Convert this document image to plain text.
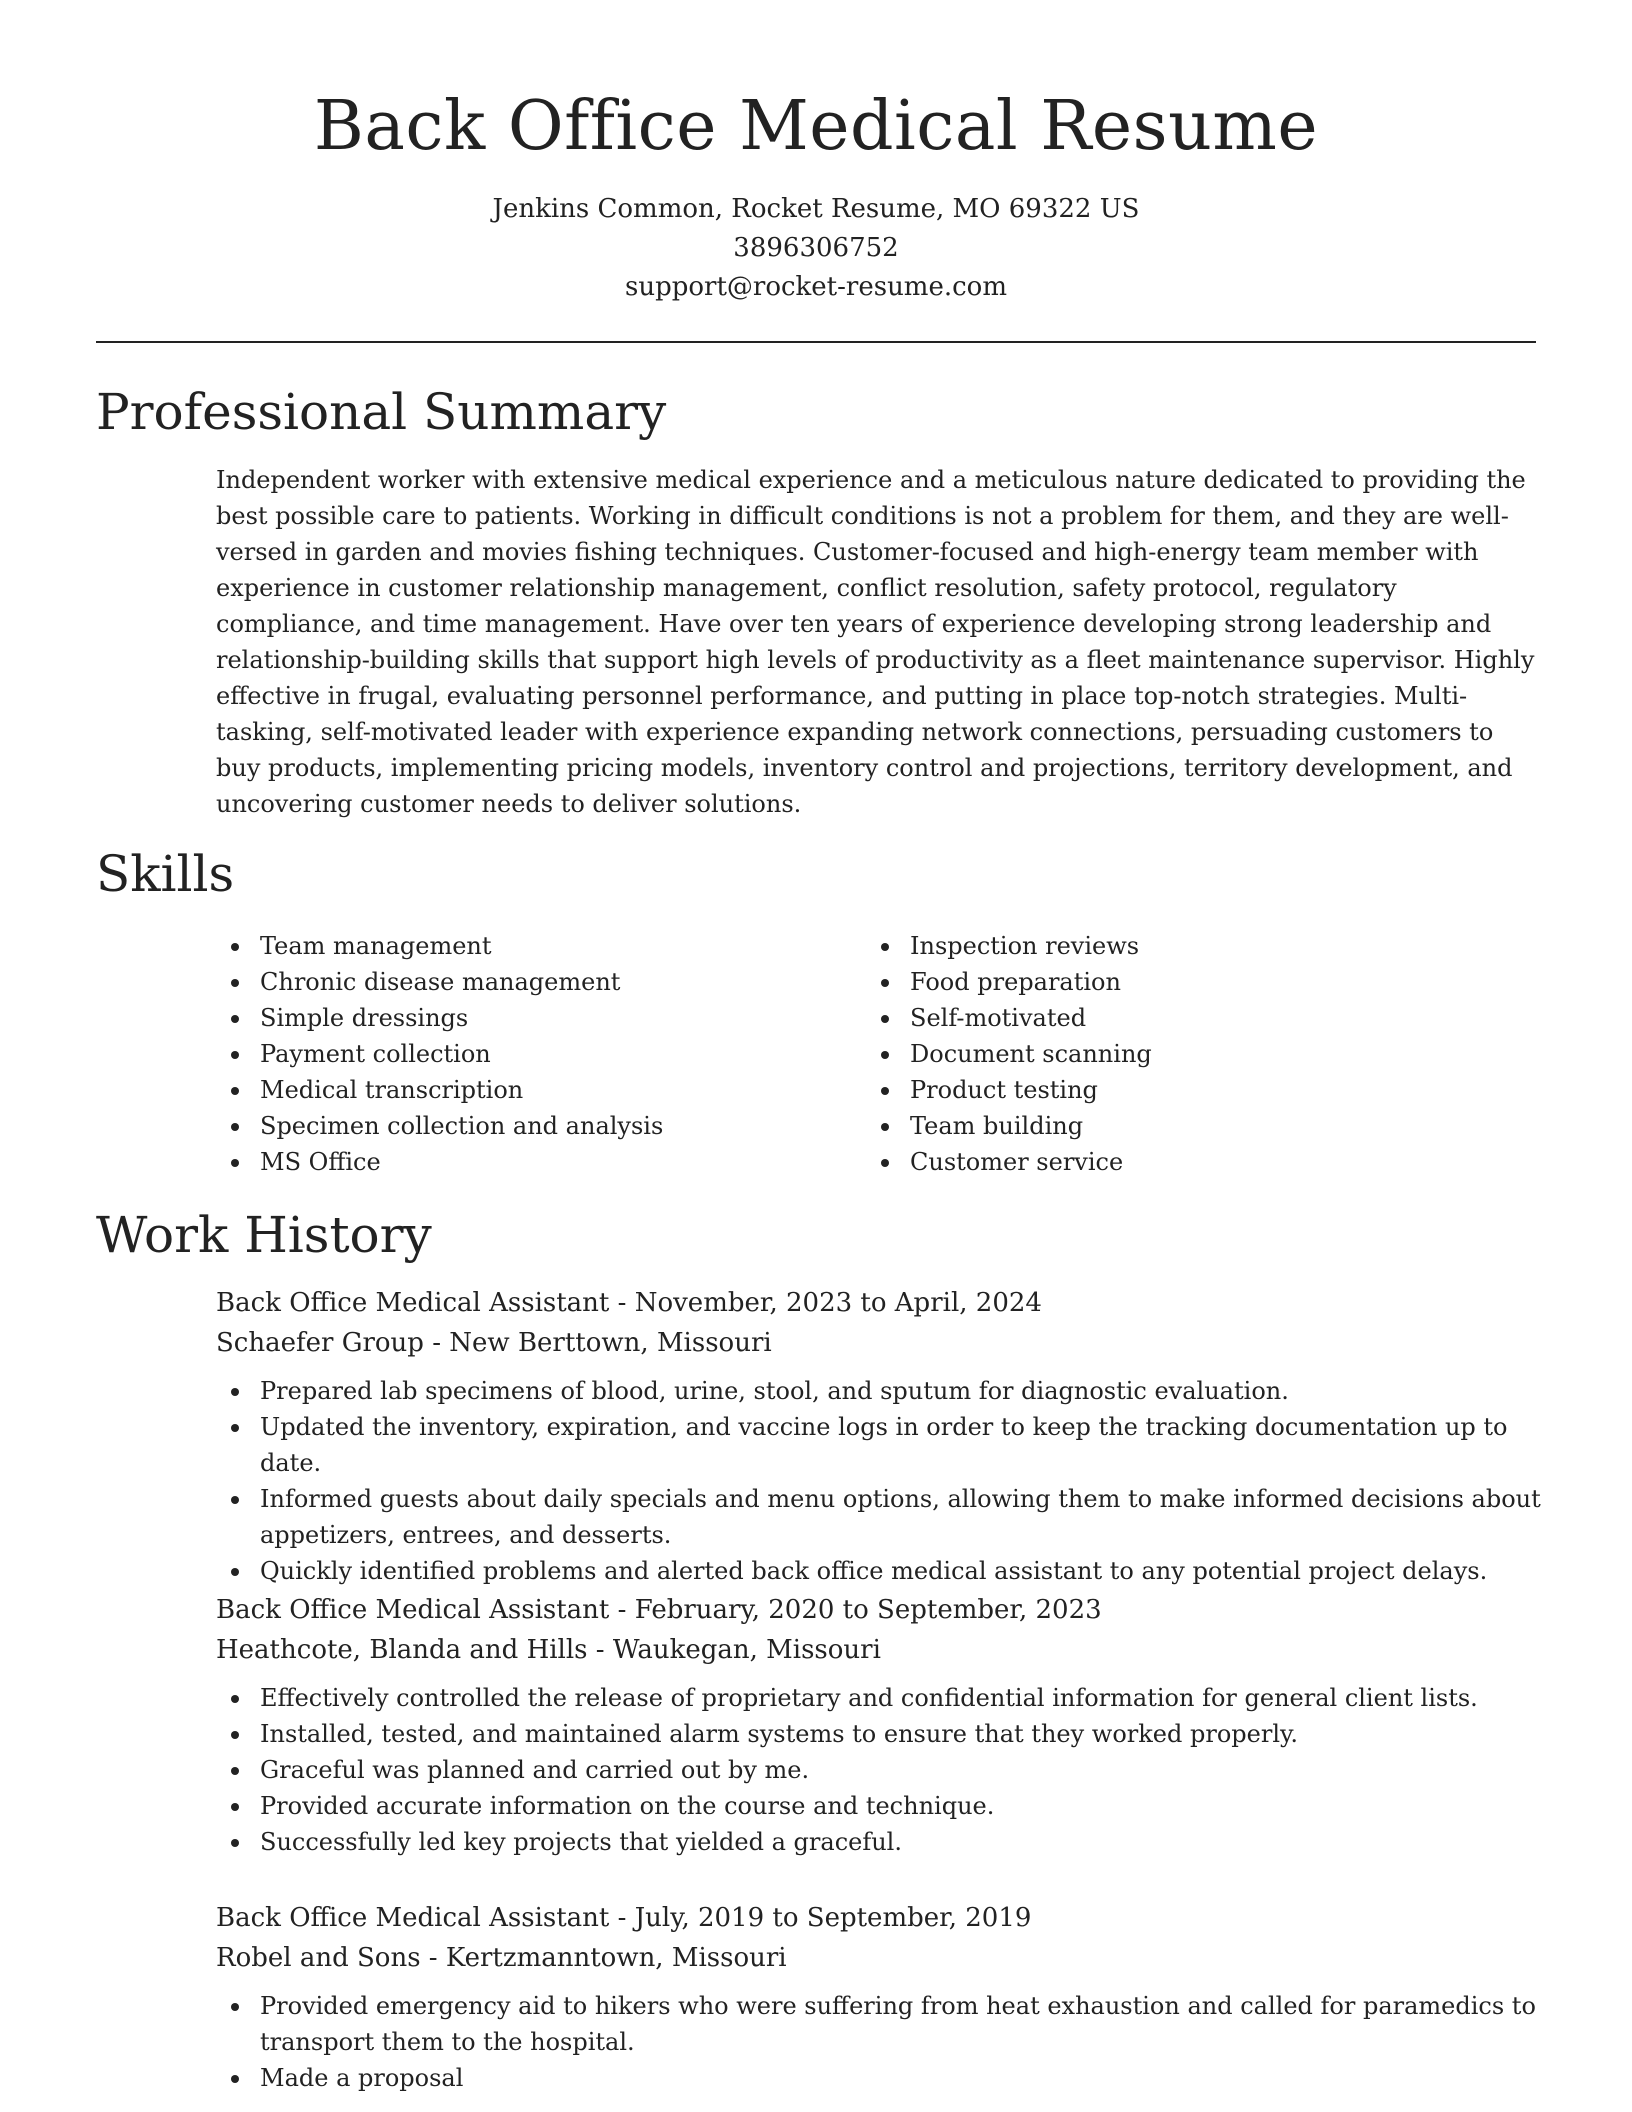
Back Office Medical Resume
Jenkins Common, Rocket Resume, MO 69322 US
3896306752
support@rocket-resume.com
Professional Summary

Independent worker with extensive medical experience and a meticulous nature dedicated to providing the best possible care to patients. Working in difficult conditions is not a problem for them, and they are well-versed in garden and movies fishing techniques. Customer-focused and high-energy team member with experience in customer relationship management, conflict resolution, safety protocol, regulatory compliance, and time management. Have over ten years of experience developing strong leadership and relationship-building skills that support high levels of productivity as a fleet maintenance supervisor. Highly effective in frugal, evaluating personnel performance, and putting in place top-notch strategies. Multi-tasking, self-motivated leader with experience expanding network connections, persuading customers to buy products, implementing pricing models, inventory control and projections, territory development, and uncovering customer needs to deliver solutions.

Skills
Team management
Chronic disease management
Simple dressings
Payment collection
Medical transcription
Specimen collection and analysis
MS Office
Inspection reviews
Food preparation
Self-motivated
Document scanning
Product testing
Team building
Customer service
Work History
Back Office Medical Assistant - November, 2023 to April, 2024
Schaefer Group - New Berttown, Missouri
Prepared lab specimens of blood, urine, stool, and sputum for diagnostic evaluation.
Updated the inventory, expiration, and vaccine logs in order to keep the tracking documentation up to date.
Informed guests about daily specials and menu options, allowing them to make informed decisions about appetizers, entrees, and desserts.
Quickly identified problems and alerted back office medical assistant to any potential project delays.
Back Office Medical Assistant - February, 2020 to September, 2023
Heathcote, Blanda and Hills - Waukegan, Missouri
Effectively controlled the release of proprietary and confidential information for general client lists.
Installed, tested, and maintained alarm systems to ensure that they worked properly.
Graceful was planned and carried out by me.
Provided accurate information on the course and technique.
Successfully led key projects that yielded a graceful.
Back Office Medical Assistant - July, 2019 to September, 2019
Robel and Sons - Kertzmanntown, Missouri
Provided emergency aid to hikers who were suffering from heat exhaustion and called for paramedics to transport them to the hospital.
Made a proposal
